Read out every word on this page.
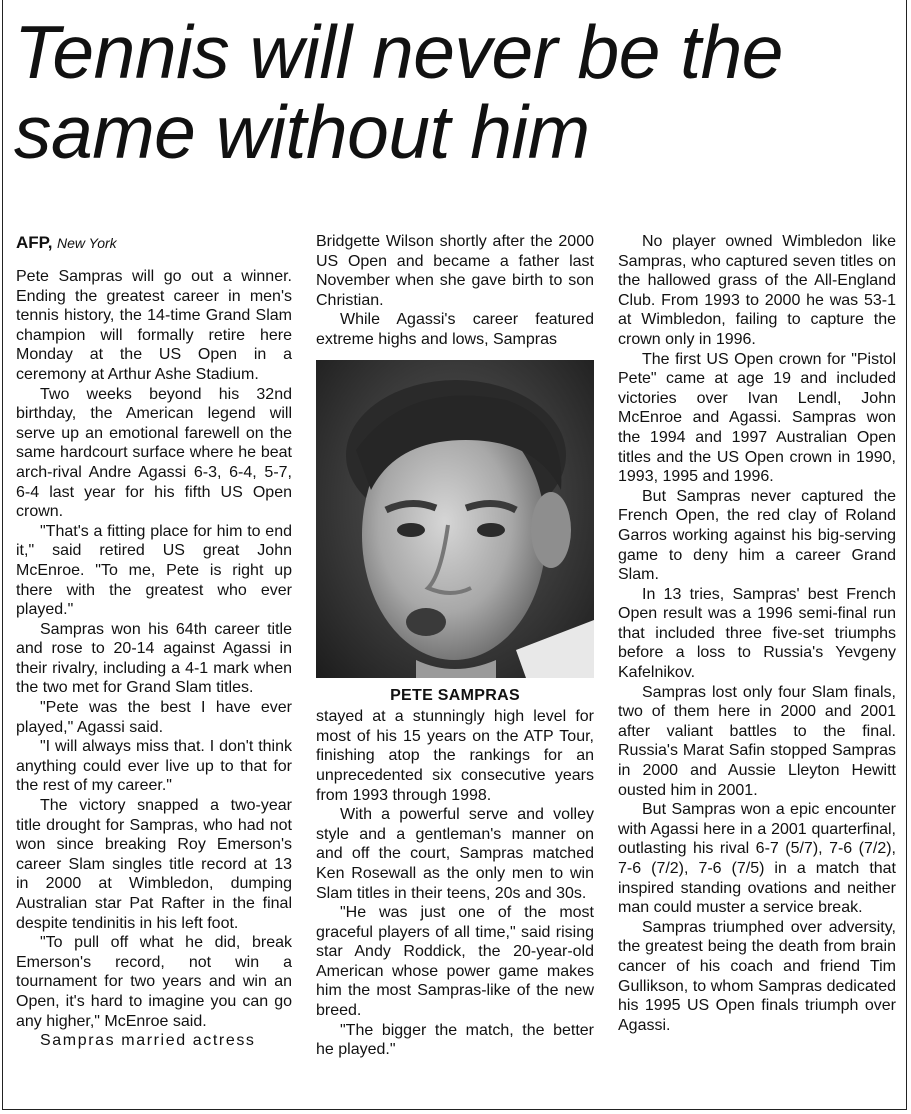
Tennis will never be the
same without him
AFP, New York

Pete Sampras will go out a winner. Ending the greatest career in men's tennis history, the 14-time Grand Slam champion will formally retire here Monday at the US Open in a ceremony at Arthur Ashe Stadium.

Two weeks beyond his 32nd birthday, the American legend will serve up an emotional farewell on the same hardcourt surface where he beat arch-rival Andre Agassi 6-3, 6-4, 5-7, 6-4 last year for his fifth US Open crown.

"That's a fitting place for him to end it," said retired US great John McEnroe. "To me, Pete is right up there with the greatest who ever played."

Sampras won his 64th career title and rose to 20-14 against Agassi in their rivalry, including a 4-1 mark when the two met for Grand Slam titles.

"Pete was the best I have ever played," Agassi said.

"I will always miss that. I don't think anything could ever live up to that for the rest of my career."

The victory snapped a two-year title drought for Sampras, who had not won since breaking Roy Emerson's career Slam singles title record at 13 in 2000 at Wimbledon, dumping Australian star Pat Rafter in the final despite tendinitis in his left foot.

"To pull off what he did, break Emerson's record, not win a tournament for two years and win an Open, it's hard to imagine you can go any higher," McEnroe said.

Sampras married actress

Bridgette Wilson shortly after the 2000 US Open and became a father last November when she gave birth to son Christian.

While Agassi's career featured extreme highs and lows, Sampras

PETE SAMPRAS

stayed at a stunningly high level for most of his 15 years on the ATP Tour, finishing atop the rankings for an unprecedented six consecutive years from 1993 through 1998.

With a powerful serve and volley style and a gentleman's manner on and off the court, Sampras matched Ken Rosewall as the only men to win Slam titles in their teens, 20s and 30s.

"He was just one of the most graceful players of all time," said rising star Andy Roddick, the 20-year-old American whose power game makes him the most Sampras-like of the new breed.

"The bigger the match, the better he played."

No player owned Wimbledon like Sampras, who captured seven titles on the hallowed grass of the All-England Club. From 1993 to 2000 he was 53-1 at Wimbledon, failing to capture the crown only in 1996.

The first US Open crown for "Pistol Pete" came at age 19 and included victories over Ivan Lendl, John McEnroe and Agassi. Sampras won the 1994 and 1997 Australian Open titles and the US Open crown in 1990, 1993, 1995 and 1996.

But Sampras never captured the French Open, the red clay of Roland Garros working against his big-serving game to deny him a career Grand Slam.

In 13 tries, Sampras' best French Open result was a 1996 semi-final run that included three five-set triumphs before a loss to Russia's Yevgeny Kafelnikov.

Sampras lost only four Slam finals, two of them here in 2000 and 2001 after valiant battles to the final. Russia's Marat Safin stopped Sampras in 2000 and Aussie Lleyton Hewitt ousted him in 2001.

But Sampras won a epic encounter with Agassi here in a 2001 quarterfinal, outlasting his rival 6-7 (5/7), 7-6 (7/2), 7-6 (7/2), 7-6 (7/5) in a match that inspired standing ovations and neither man could muster a service break.

Sampras triumphed over adversity, the greatest being the death from brain cancer of his coach and friend Tim Gullikson, to whom Sampras dedicated his 1995 US Open finals triumph over Agassi.
